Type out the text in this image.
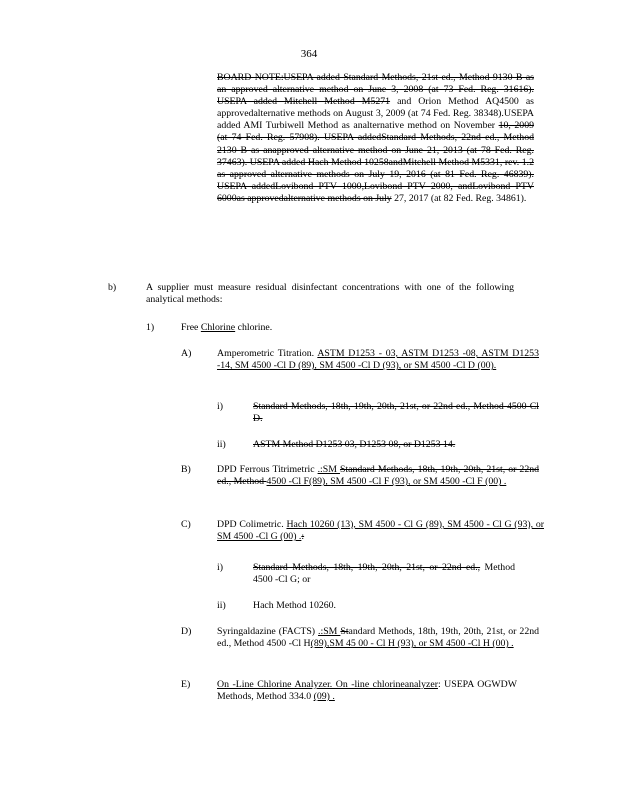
364

BOARD NOTE:USEPA added Standard Methods, 21st ed., Method 9130 B as an approved alternative method on June 3, 2008 (at 73 Fed. Reg. 31616). USEPA added Mitchell Method M5271 and Orion Method AQ4500 as approvedalternative methods on August 3, 2009 (at 74 Fed. Reg. 38348).USEPA added AMI Turbiwell Method as analternative method on November 10, 2009 (at 74 Fed. Reg. 57908). USEPA addedStandard Methods, 22nd ed., Method 2130 B as anapproved alternative method on June 21, 2013 (at 78 Fed. Reg. 37463). USEPA added Hach Method 10258andMitchell Method M5331, rev. 1.2 as approved alternative methods on July 19, 2016 (at 81 Fed. Reg. 46839). USEPA addedLovibond PTV 1000,Lovibond PTV 2000, andLovibond PTV 6000as approvedalternative methods on July 27, 2017 (at 82 Fed. Reg. 34861).

b)	A supplier must measure residual disinfectant concentrations with one of the following analytical methods:

1)	Free Chlorine chlorine.

A)	Amperometric Titration. ASTM D1253 - 03, ASTM D1253 -08, ASTM D1253 -14, SM 4500 -Cl D (89), SM 4500 -Cl D (93), or SM 4500 -Cl D (00).

i)	Standard Methods, 18th, 19th, 20th, 21st, or 22nd ed., Method 4500 Cl D.

ii)	ASTM Method D1253 03, D1253 08, or D1253 14.

B)	DPD Ferrous Titrimetric .:SM Standard Methods, 18th, 19th, 20th, 21st, or 22nd ed., Method 4500 -Cl F(89), SM 4500 -Cl F (93), or SM 4500 -Cl F (00) .

C)	DPD Colimetric. Hach 10260 (13), SM 4500 - Cl G (89), SM 4500 - Cl G (93), or SM 4500 -Cl G (00) .:

i)	Standard Methods, 18th, 19th, 20th, 21st, or 22nd ed., Method 4500 -Cl G; or

ii)	Hach Method 10260.

D)	Syringaldazine (FACTS) .:SM Standard Methods, 18th, 19th, 20th, 21st, or 22nd ed., Method 4500 -Cl H(89),SM 45 00 - Cl H (93), or SM 4500 -Cl H (00) .

E)	On -Line Chlorine Analyzer. On -line chlorineanalyzer: USEPA OGWDW Methods, Method 334.0 (09) .
